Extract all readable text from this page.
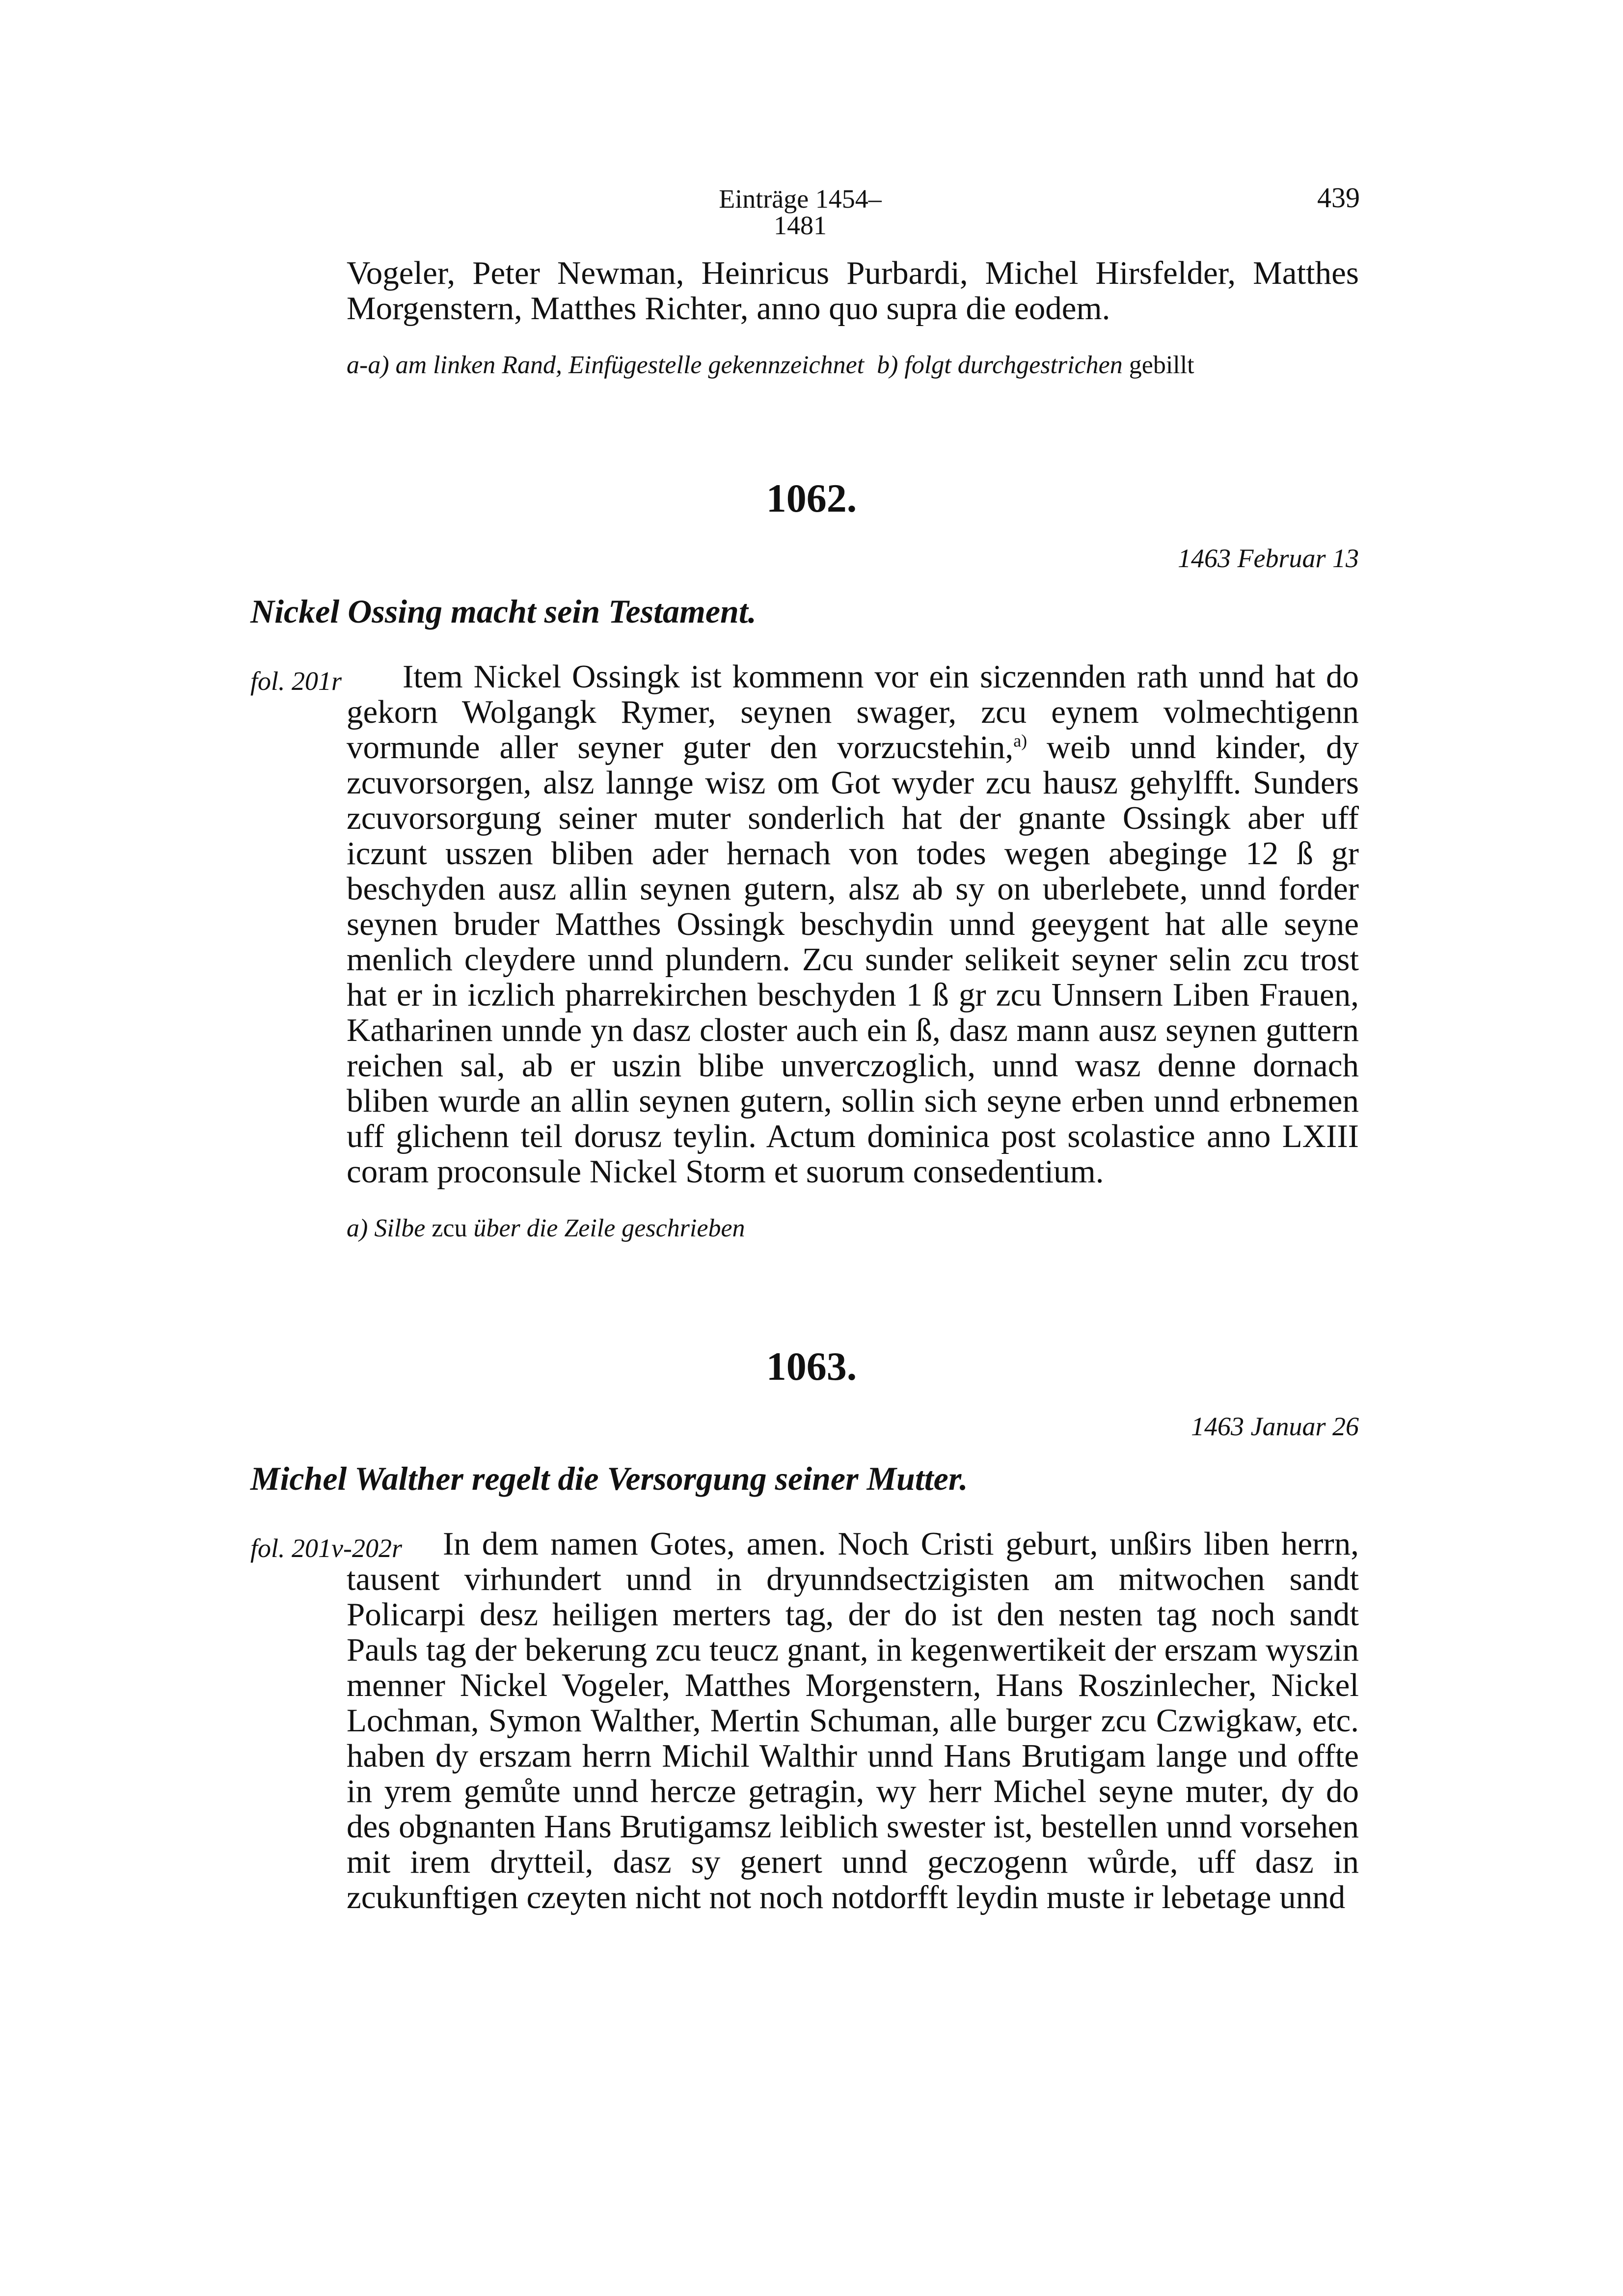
Einträge 1454–1481
439

Vogeler, Peter Newman, Heinricus Purbardi, Michel Hirsfelder, Matthes Morgenstern, Matthes Richter, anno quo supra die eodem.

a-a) am linken Rand, Einfügestelle gekennzeichnet b) folgt durchgestrichen gebillt

1062.
1463 Februar 13
Nickel Ossing macht sein Testament.
fol. 201r	Item Nickel Ossingk ist kommenn vor ein siczennden rath unnd hat do gekorn Wolgangk Rymer, seynen swager, zcu eynem volmechtigenn vormunde aller seyner guter den vorzucstehin,$^{a)}$ weib unnd kinder, dy zcuvorsorgen, alsz lannge wisz om Got wyder zcu hausz gehylfft. Sunders zcuvorsorgung seiner muter sonderlich hat der gnante Ossingk aber uff iczunt usszen bliben ader hernach von todes wegen abeginge 12 ß gr beschyden ausz allin seynen gutern, alsz ab sy on uberlebete, unnd forder seynen bruder Matthes Ossingk beschydin unnd geeygent hat alle seyne menlich cleydere unnd plundern. Zcu sunder selikeit seyner selin zcu trost hat er in iczlich pharrekirchen beschyden 1 ß gr zcu Unnsern Liben Frauen, Katharinen unnde yn dasz closter auch ein ß, dasz mann ausz seynen guttern reichen sal, ab er uszin blibe unverczoglich, unnd wasz denne dornach bliben wurde an allin seynen gutern, sollin sich seyne erben unnd erbnemen uff glichenn teil dorusz teylin. Actum dominica post scolastice anno LXIII coram proconsule Nickel Storm et suorum consedentium.

a) Silbe zcu über die Zeile geschrieben

1063.
1463 Januar 26
Michel Walther regelt die Versorgung seiner Mutter.
fol. 201v-202r	In dem namen Gotes, amen. Noch Cristi geburt, unßirs liben herrn, tausent virhundert unnd in dryunndsectzigisten am mitwochen sandt Policarpi desz heiligen merters tag, der do ist den nesten tag noch sandt Pauls tag der bekerung zcu teucz gnant, in kegenwertikeit der erszam wyszin menner Nickel Vogeler, Matthes Morgenstern, Hans Roszinlecher, Nickel Lochman, Symon Walther, Mertin Schuman, alle burger zcu Czwigkaw, etc. haben dy erszam herrn Michil Walthir unnd Hans Brutigam lange und offte in yrem gemůte unnd hercze getragin, wy herr Michel seyne muter, dy do des obgnanten Hans Brutigamsz leiblich swester ist, bestellen unnd vorsehen mit irem drytteil, dasz sy genert unnd geczogenn wůrde, uff dasz in zcukunftigen czeyten nicht not noch notdorfft leydin muste ir lebetage unnd
